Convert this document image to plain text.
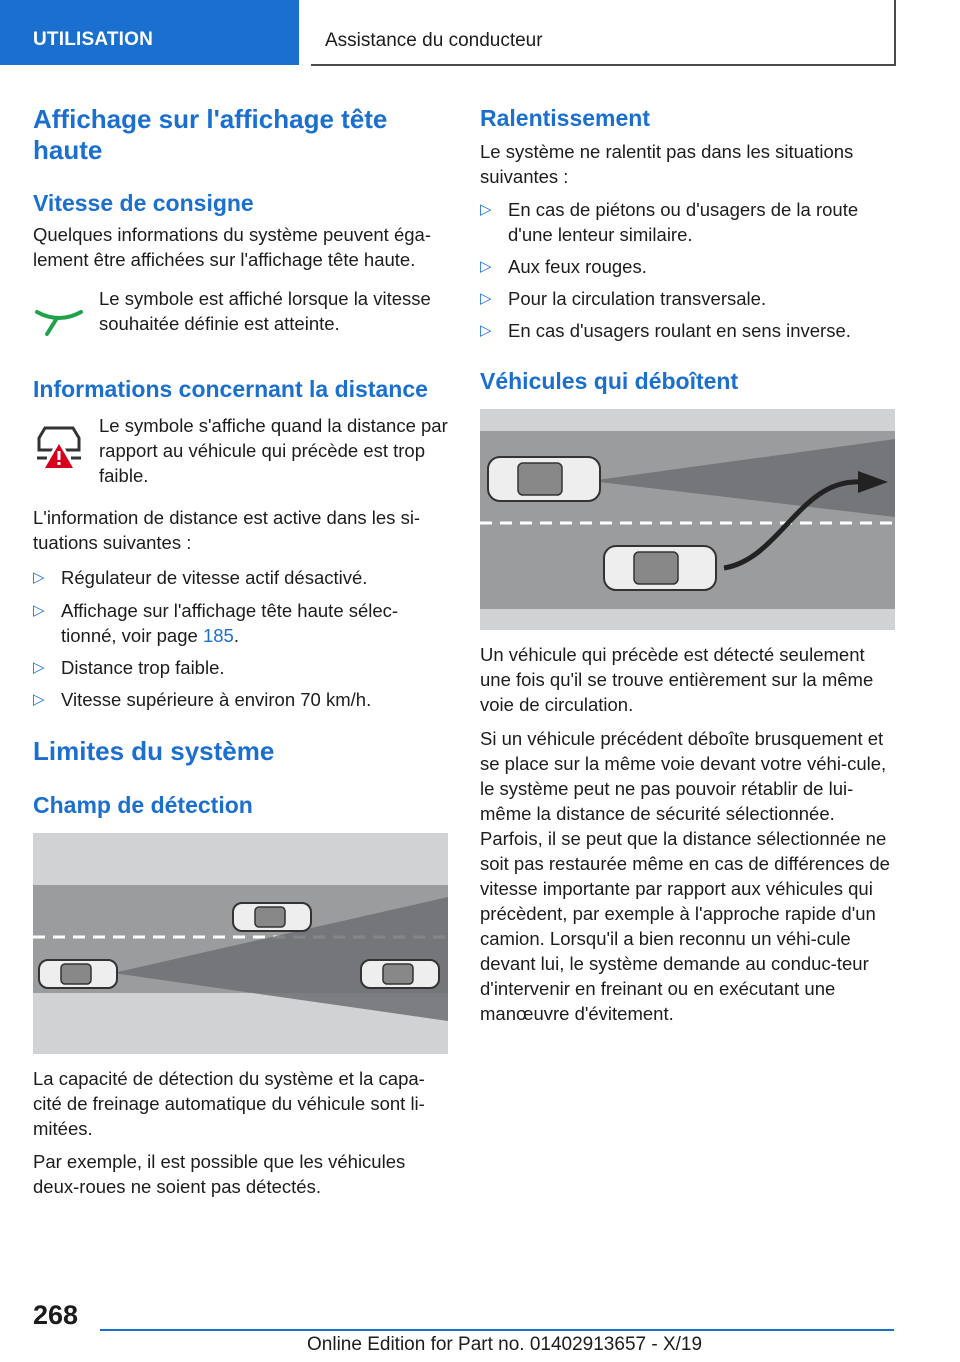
UTILISATION	Assistance du conducteur
Affichage sur l'affichage tête haute
Vitesse de consigne

Quelques informations du système peuvent éga-lement être affichées sur l'affichage tête haute.

Le symbole est affiché lorsque la vitesse souhaitée définie est atteinte.

Informations concernant la distance

Le symbole s'affiche quand la distance par rapport au véhicule qui précède est trop faible.

L'information de distance est active dans les si-tuations suivantes :

▷ Régulateur de vitesse actif désactivé.
▷ Affichage sur l'affichage tête haute sélec-tionné, voir page 185.
▷ Distance trop faible.
▷ Vitesse supérieure à environ 70 km/h.
Limites du système
Champ de détection

La capacité de détection du système et la capa-cité de freinage automatique du véhicule sont li-mitées.

Par exemple, il est possible que les véhicules deux-roues ne soient pas détectés.

Ralentissement

Le système ne ralentit pas dans les situations suivantes :

▷ En cas de piétons ou d'usagers de la route d'une lenteur similaire.
▷ Aux feux rouges.
▷ Pour la circulation transversale.
▷ En cas d'usagers roulant en sens inverse.
Véhicules qui déboîtent

Un véhicule qui précède est détecté seulement une fois qu'il se trouve entièrement sur la même voie de circulation.

Si un véhicule précédent déboîte brusquement et se place sur la même voie devant votre véhi-cule, le système peut ne pas pouvoir rétablir de lui-même la distance de sécurité sélectionnée. Parfois, il se peut que la distance sélectionnée ne soit pas restaurée même en cas de différences de vitesse importante par rapport aux véhicules qui précèdent, par exemple à l'approche rapide d'un camion. Lorsqu'il a bien reconnu un véhi-cule devant lui, le système demande au conduc-teur d'intervenir en freinant ou en exécutant une manœuvre d'évitement.

268
Online Edition for Part no. 01402913657 - X/19
